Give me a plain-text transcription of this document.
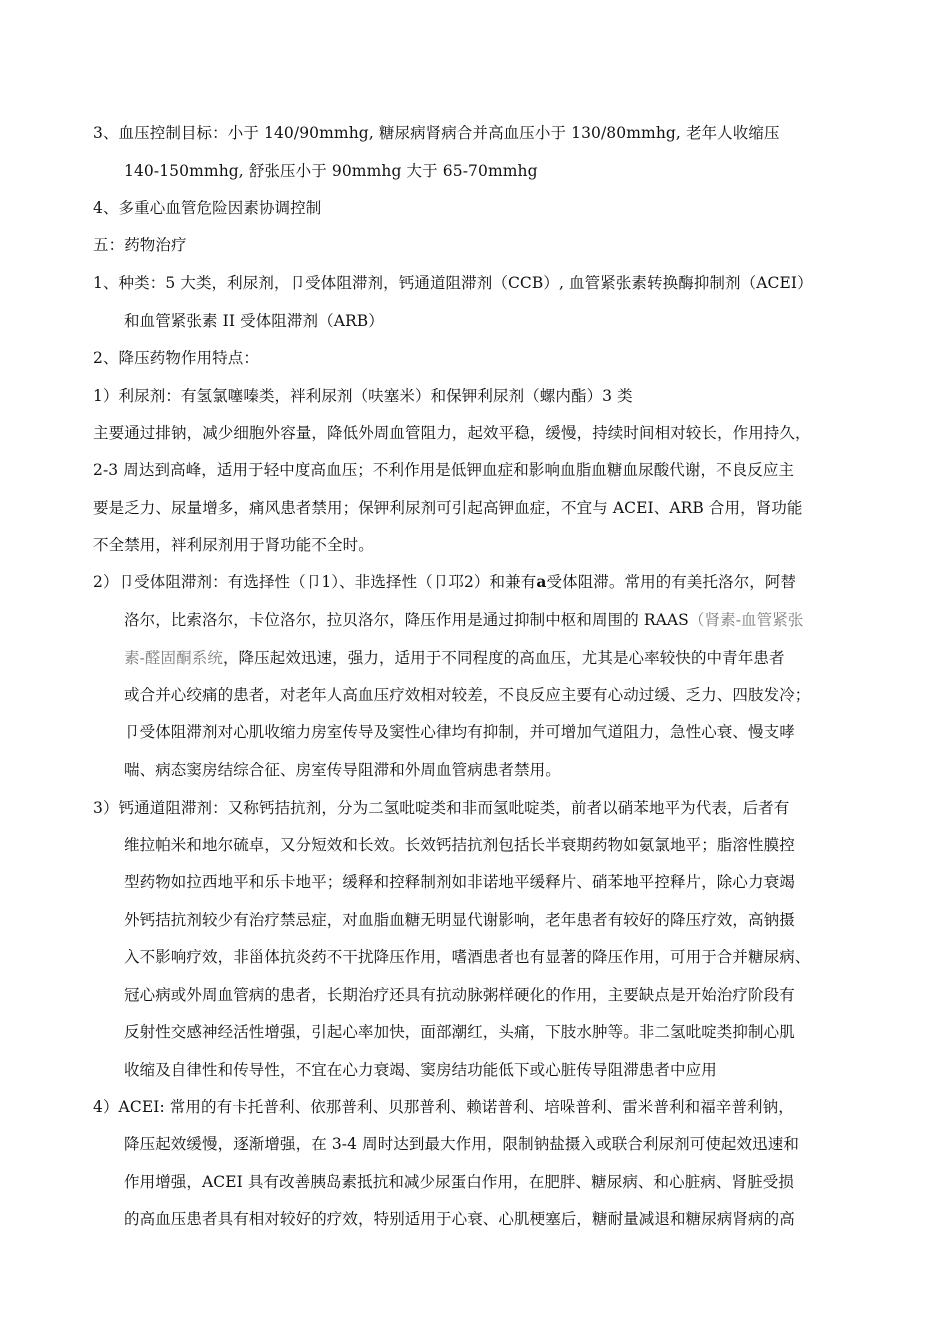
3、血压控制目标：小于 140/90mmhg, 糖尿病肾病合并高血压小于 130/80mmhg, 老年人收缩压
140-150mmhg, 舒张压小于 90mmhg 大于 65-70mmhg
4、多重心血管危险因素协调控制
五：药物治疗
1、种类：5 大类，利尿剂，卩受体阻滞剂，钙通道阻滞剂（CCB）, 血管紧张素转换酶抑制剂（ACEI）
和血管紧张素 II 受体阻滞剂（ARB）
2、降压药物作用特点：
1）利尿剂：有氢氯噻嗪类，袢利尿剂（呋塞米）和保钾利尿剂（螺内酯）3 类
主要通过排钠，减少细胞外容量，降低外周血管阻力，起效平稳，缓慢，持续时间相对较长，作用持久，
2-3 周达到高峰，适用于轻中度高血压；不利作用是低钾血症和影响血脂血糖血尿酸代谢，不良反应主
要是乏力、尿量增多，痛风患者禁用；保钾利尿剂可引起高钾血症，不宜与 ACEI、ARB 合用，肾功能
不全禁用，袢利尿剂用于肾功能不全时。
2）卩受体阻滞剂：有选择性（卩1）、非选择性（卩邛2）和兼有a受体阻滞。常用的有美托洛尔，阿替
洛尔，比索洛尔，卡位洛尔，拉贝洛尔，降压作用是通过抑制中枢和周围的 RAAS（肾素-血管紧张
素-醛固酮系统，降压起效迅速，强力，适用于不同程度的高血压，尤其是心率较快的中青年患者
或合并心绞痛的患者，对老年人高血压疗效相对较差，不良反应主要有心动过缓、乏力、四肢发冷；
卩受体阻滞剂对心肌收缩力房室传导及窦性心律均有抑制，并可增加气道阻力，急性心衰、慢支哮
喘、病态窦房结综合征、房室传导阻滞和外周血管病患者禁用。
3）钙通道阻滞剂：又称钙拮抗剂，分为二氢吡啶类和非而氢吡啶类，前者以硝苯地平为代表，后者有
维拉帕米和地尔硫卓，又分短效和长效。长效钙拮抗剂包括长半衰期药物如氨氯地平；脂溶性膜控
型药物如拉西地平和乐卡地平；缓释和控释制剂如非诺地平缓释片、硝苯地平控释片，除心力衰竭
外钙拮抗剂较少有治疗禁忌症，对血脂血糖无明显代谢影响，老年患者有较好的降压疗效，高钠摄
入不影响疗效，非甾体抗炎药不干扰降压作用，嗜酒患者也有显著的降压作用，可用于合并糖尿病、
冠心病或外周血管病的患者，长期治疗还具有抗动脉粥样硬化的作用，主要缺点是开始治疗阶段有
反射性交感神经活性增强，引起心率加快，面部潮红，头痛，下肢水肿等。非二氢吡啶类抑制心肌
收缩及自律性和传导性，不宜在心力衰竭、窦房结功能低下或心脏传导阻滞患者中应用
4）ACEI: 常用的有卡托普利、依那普利、贝那普利、赖诺普利、培哚普利、雷米普利和福辛普利钠，
降压起效缓慢，逐渐增强，在 3-4 周时达到最大作用，限制钠盐摄入或联合利尿剂可使起效迅速和
作用增强，ACEI 具有改善胰岛素抵抗和减少尿蛋白作用，在肥胖、糖尿病、和心脏病、肾脏受损
的高血压患者具有相对较好的疗效，特别适用于心衰、心肌梗塞后，糖耐量减退和糖尿病肾病的高
